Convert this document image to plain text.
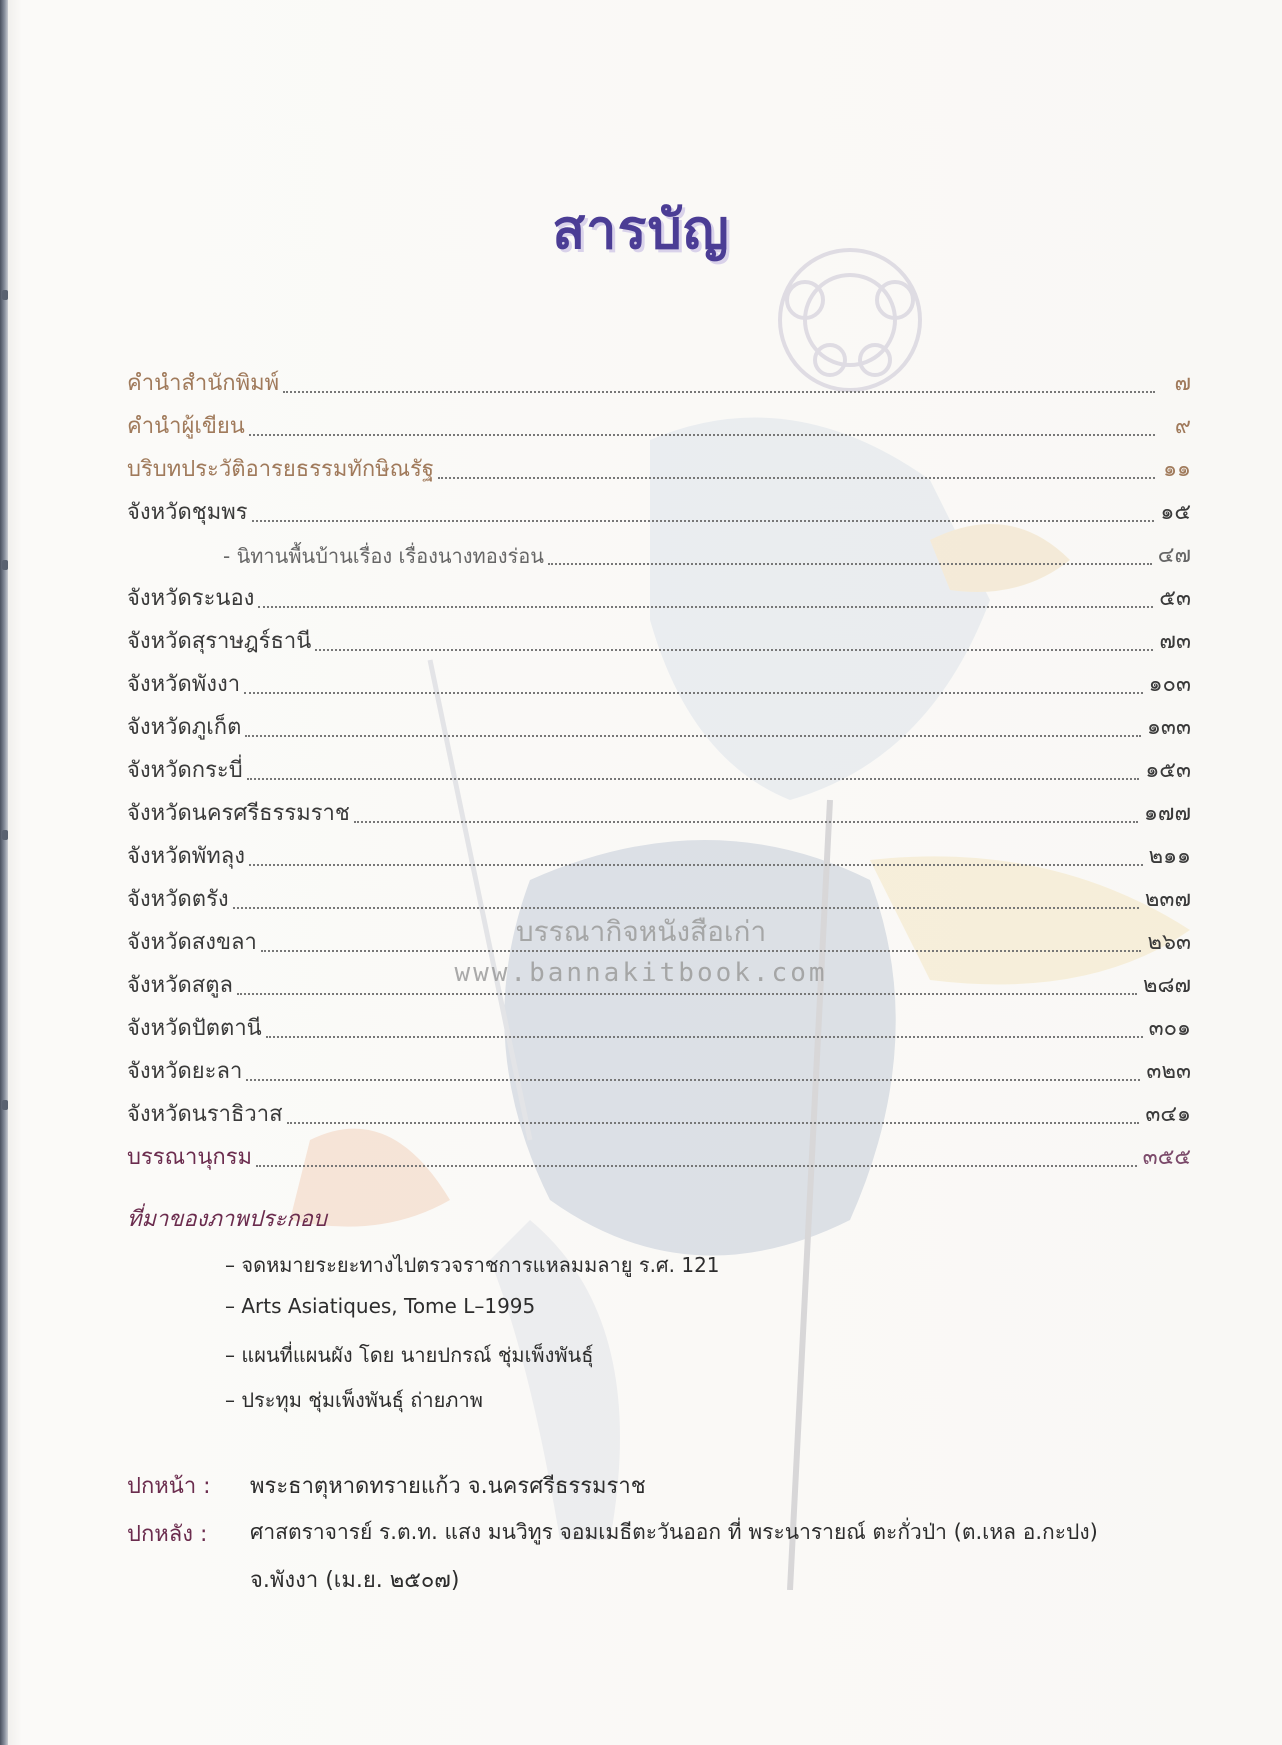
สารบัญ
คำนำสำนักพิมพ์	๗
คำนำผู้เขียน	๙
บริบทประวัติอารยธรรมทักษิณรัฐ	๑๑
จังหวัดชุมพร	๑๕
- นิทานพื้นบ้านเรื่อง เรื่องนางทองร่อน	๔๗
จังหวัดระนอง	๕๓
จังหวัดสุราษฎร์ธานี	๗๓
จังหวัดพังงา	๑๐๓
จังหวัดภูเก็ต	๑๓๓
จังหวัดกระบี่	๑๕๓
จังหวัดนครศรีธรรมราช	๑๗๗
จังหวัดพัทลุง	๒๑๑
จังหวัดตรัง	๒๓๗
จังหวัดสงขลา	๒๖๓
จังหวัดสตูล	๒๘๗
จังหวัดปัตตานี	๓๐๑
จังหวัดยะลา	๓๒๓
จังหวัดนราธิวาส	๓๔๑
บรรณานุกรม	๓๕๕
ที่มาของภาพประกอบ
– จดหมายระยะทางไปตรวจราชการแหลมมลายู ร.ศ. 121
– Arts Asiatiques, Tome L–1995
– แผนที่แผนผัง โดย นายปกรณ์ ชุ่มเพ็งพันธุ์
– ประทุม ชุ่มเพ็งพันธุ์ ถ่ายภาพ
ปกหน้า : พระธาตุหาดทรายแก้ว จ.นครศรีธรรมราช
ปกหลัง : ศาสตราจารย์ ร.ต.ท. แสง มนวิทูร จอมเมธีตะวันออก ที่ พระนารายณ์ ตะกั่วป่า (ต.เหล อ.กะปง)
จ.พังงา (เม.ย. ๒๕๐๗)
บรรณากิจหนังสือเก่า
www.bannakitbook.com
